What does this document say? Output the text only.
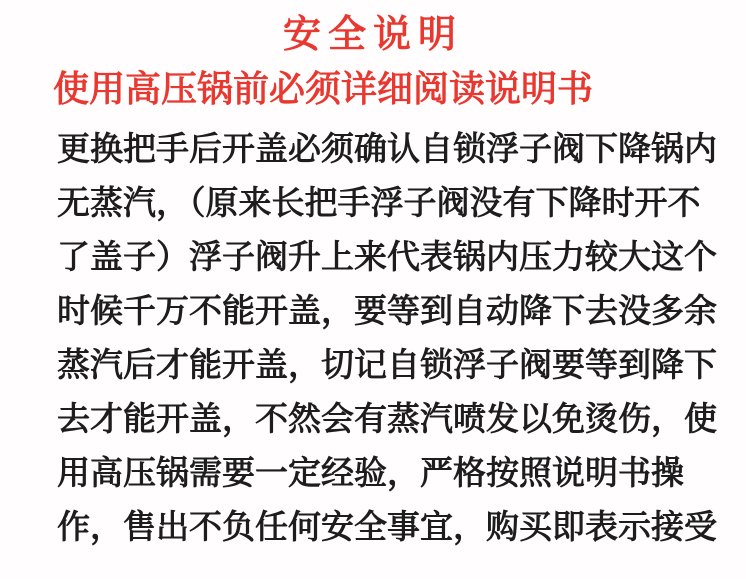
安全说明
使用高压锅前必须详细阅读说明书
更换把手后开盖必须确认自锁浮子阀下降锅内
无蒸汽，（原来长把手浮子阀没有下降时开不
了盖子）浮子阀升上来代表锅内压力较大这个
时候千万不能开盖，要等到自动降下去没多余
蒸汽后才能开盖，切记自锁浮子阀要等到降下
去才能开盖，不然会有蒸汽喷发以免烫伤，使
用高压锅需要一定经验，严格按照说明书操
作，售出不负任何安全事宜，购买即表示接受
